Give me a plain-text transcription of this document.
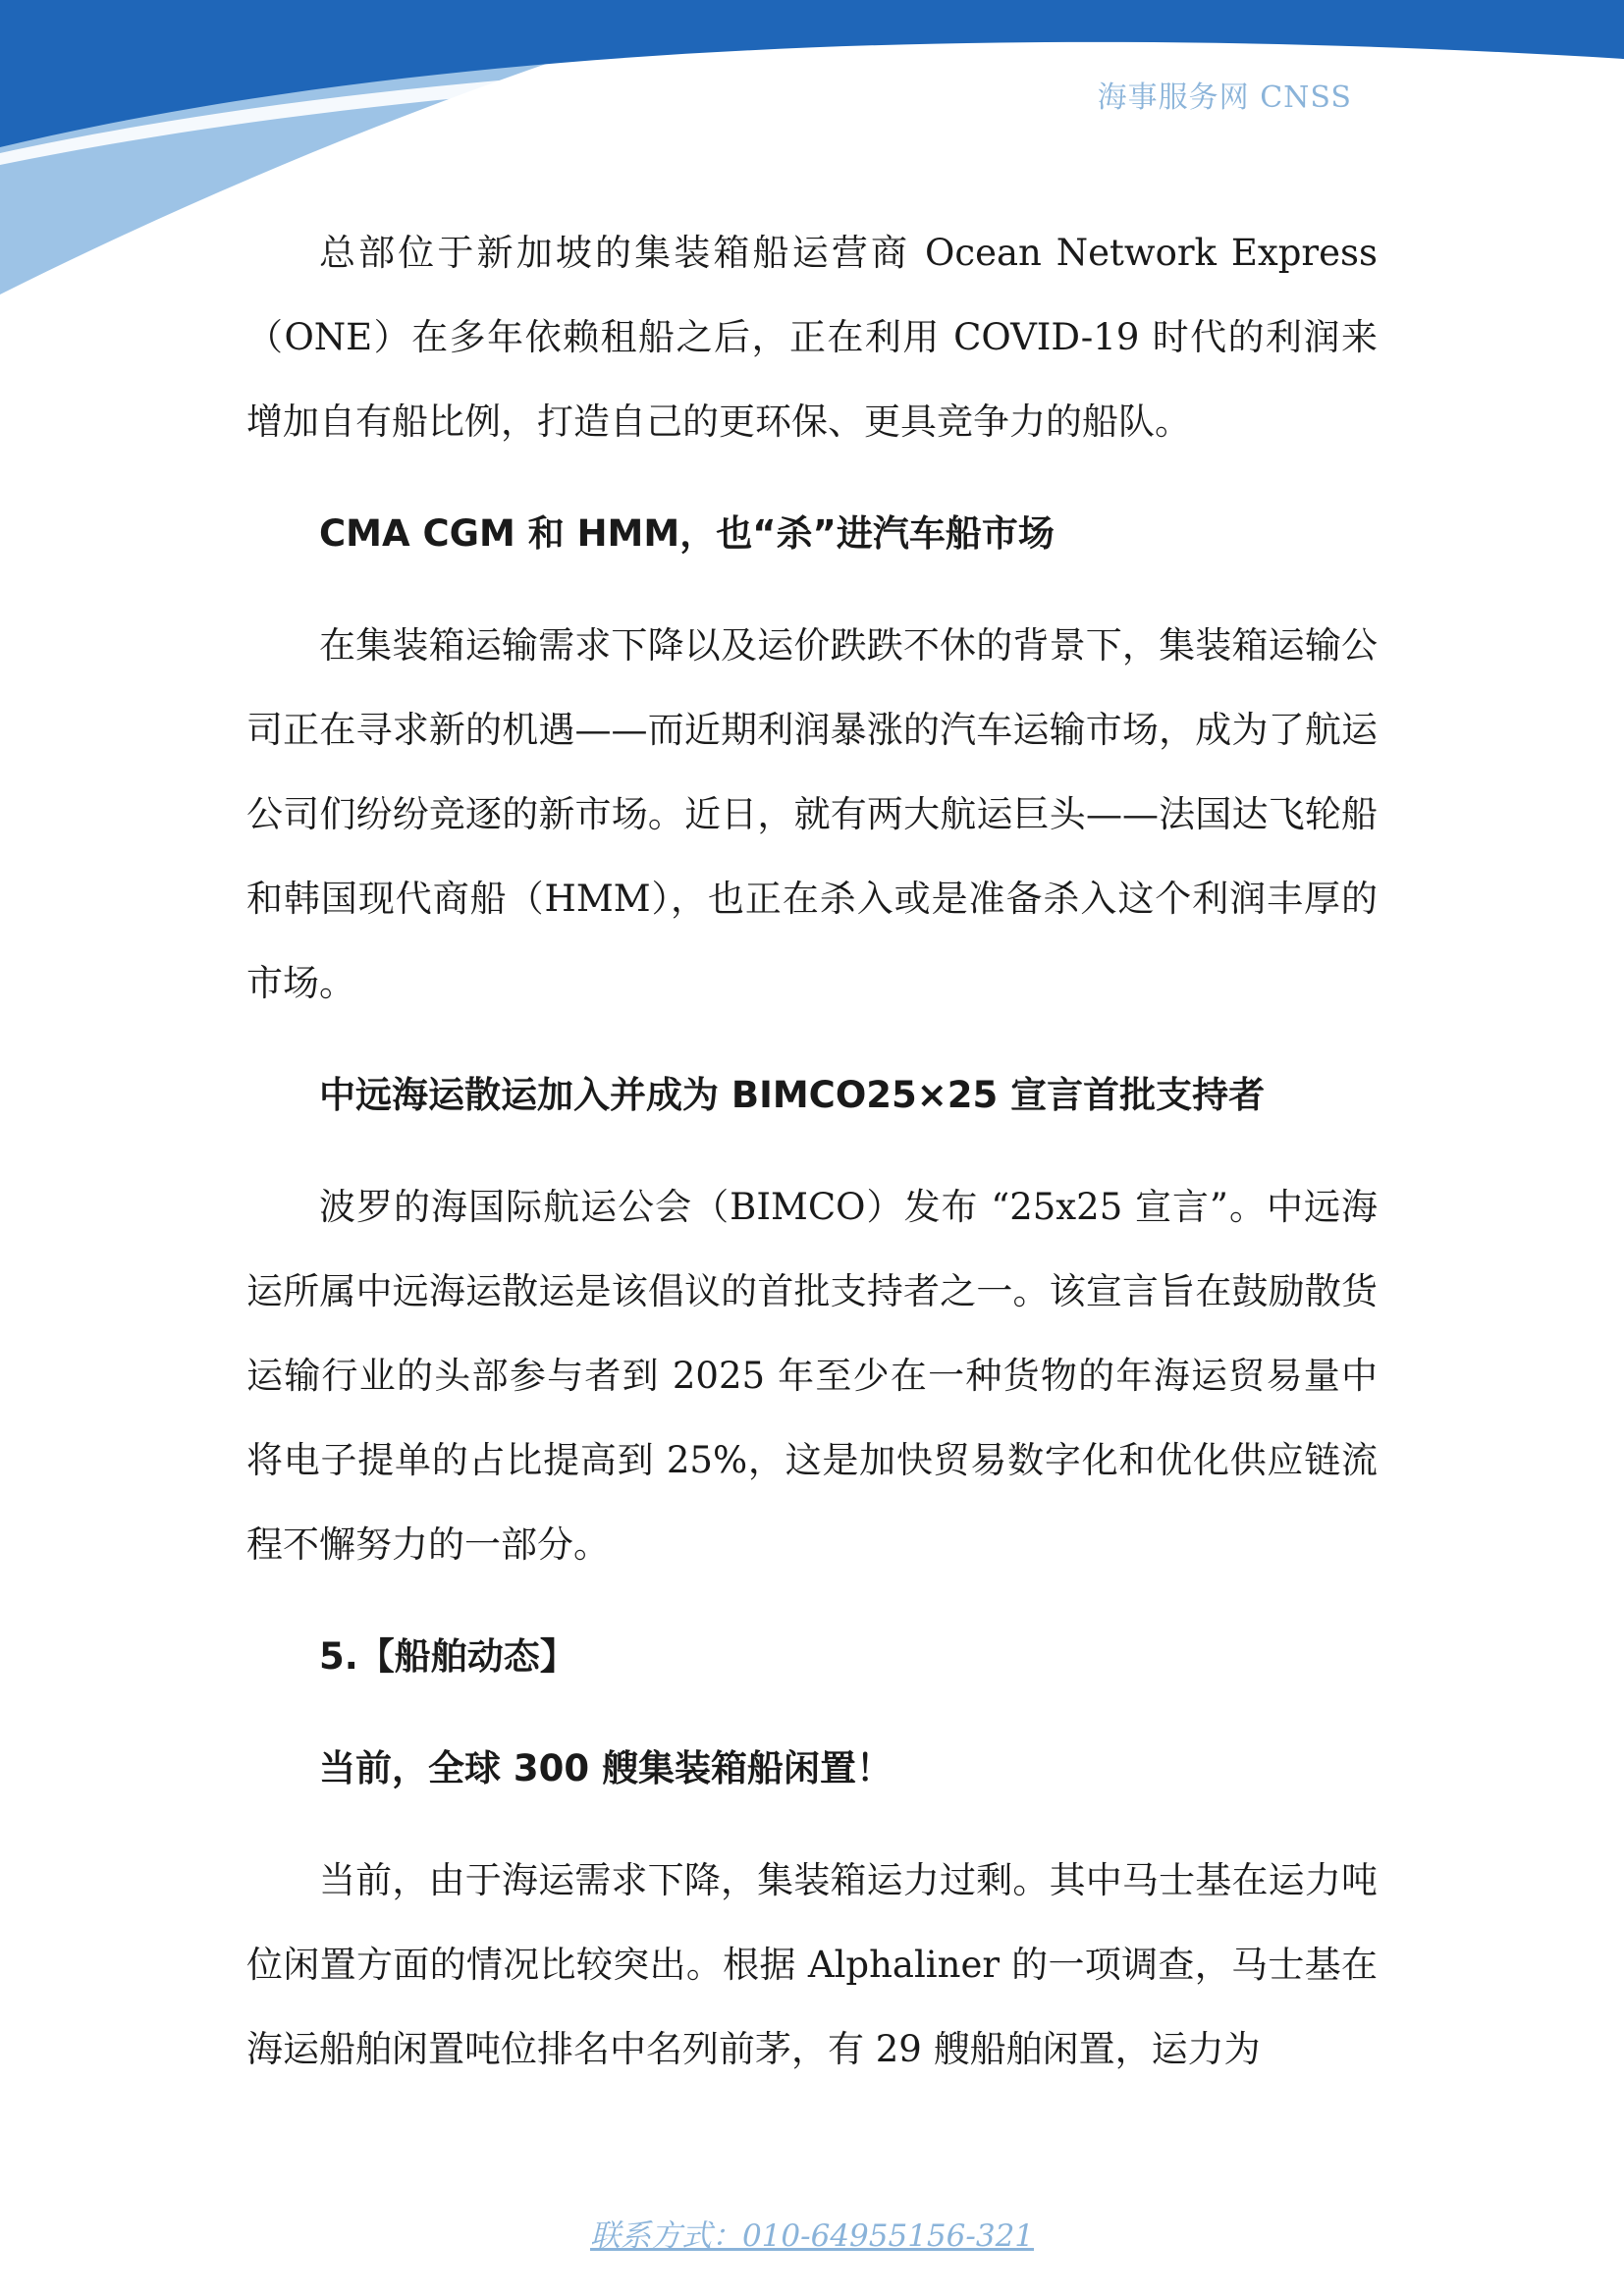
海事服务网 CNSS

总部位于新加坡的集装箱船运营商 Ocean Network Express（ONE）在多年依赖租船之后，正在利用 COVID-19 时代的利润来增加自有船比例，打造自己的更环保、更具竞争力的船队。

CMA CGM 和 HMM，也“杀”进汽车船市场

在集装箱运输需求下降以及运价跌跌不休的背景下，集装箱运输公司正在寻求新的机遇——而近期利润暴涨的汽车运输市场，成为了航运公司们纷纷竞逐的新市场。近日，就有两大航运巨头——法国达飞轮船和韩国现代商船（HMM），也正在杀入或是准备杀入这个利润丰厚的市场。

中远海运散运加入并成为 BIMCO25×25 宣言首批支持者

波罗的海国际航运公会（BIMCO）发布 “25x25 宣言”。中远海运所属中远海运散运是该倡议的首批支持者之一。该宣言旨在鼓励散货运输行业的头部参与者到 2025 年至少在一种货物的年海运贸易量中将电子提单的占比提高到 25%，这是加快贸易数字化和优化供应链流程不懈努力的一部分。

5.【船舶动态】

当前，全球 300 艘集装箱船闲置！

当前，由于海运需求下降，集装箱运力过剩。其中马士基在运力吨位闲置方面的情况比较突出。根据 Alphaliner 的一项调查，马士基在海运船舶闲置吨位排名中名列前茅，有 29 艘船舶闲置，运力为

联系方式：010-64955156-321
